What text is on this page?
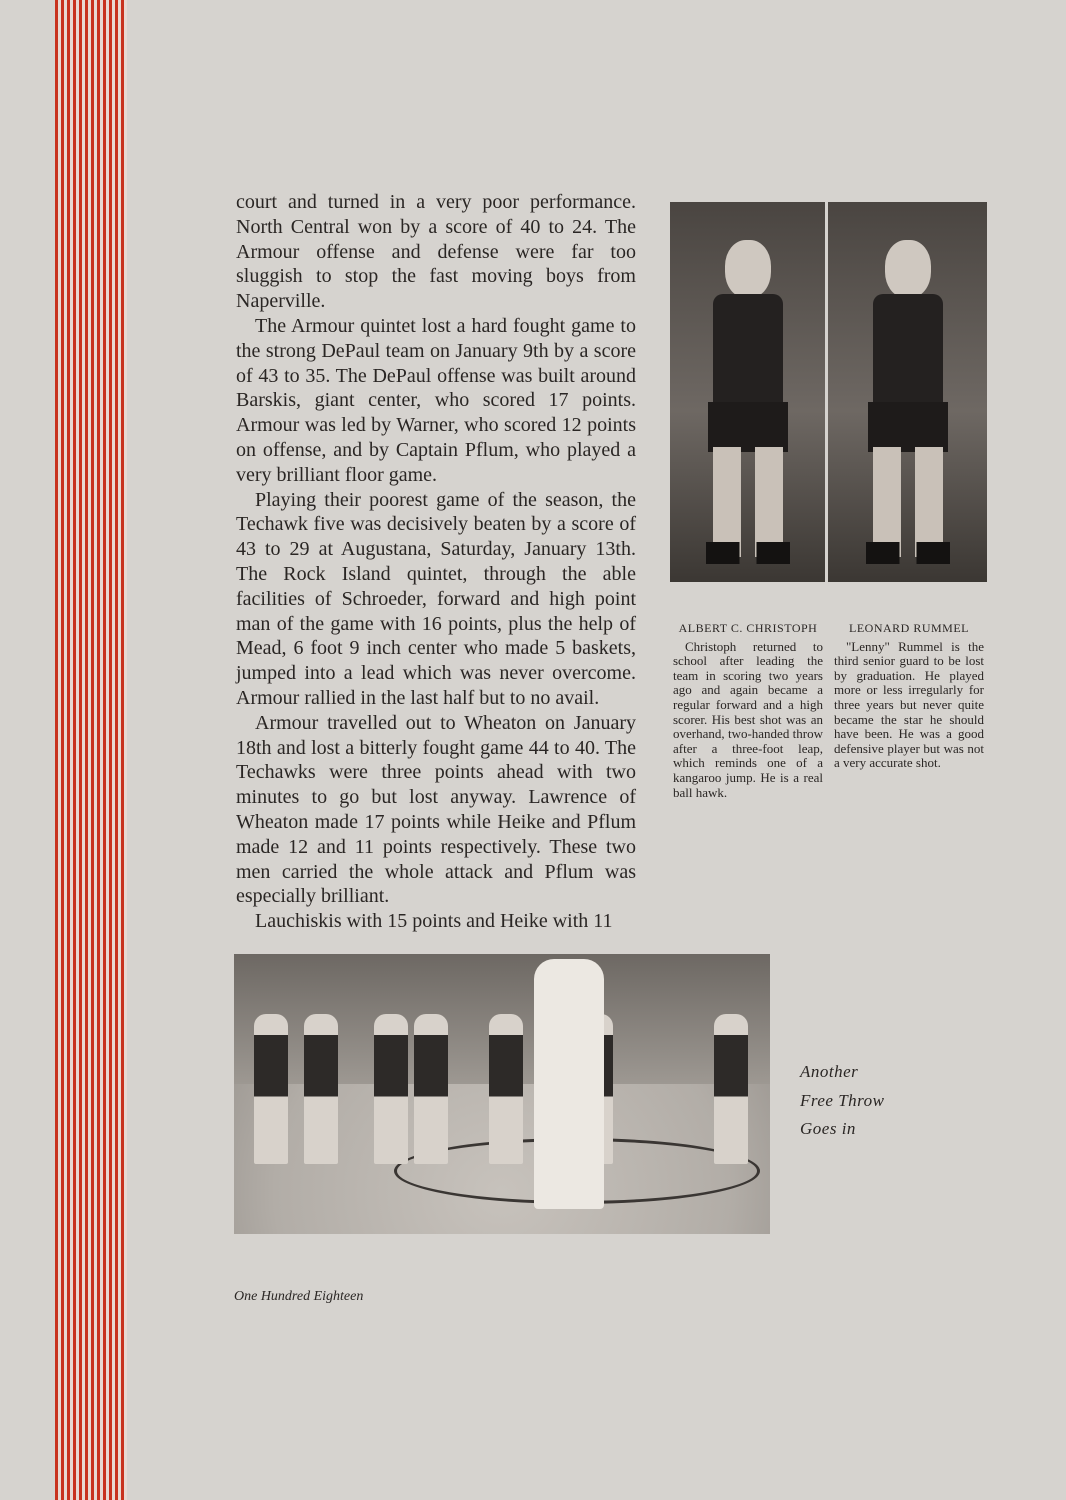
court and turned in a very poor performance. North Central won by a score of 40 to 24. The Armour offense and defense were far too sluggish to stop the fast moving boys from Naperville.

The Armour quintet lost a hard fought game to the strong DePaul team on January 9th by a score of 43 to 35. The DePaul offense was built around Barskis, giant center, who scored 17 points. Armour was led by Warner, who scored 12 points on offense, and by Captain Pflum, who played a very brilliant floor game.

Playing their poorest game of the season, the Techawk five was decisively beaten by a score of 43 to 29 at Augustana, Saturday, January 13th. The Rock Island quintet, through the able facilities of Schroeder, forward and high point man of the game with 16 points, plus the help of Mead, 6 foot 9 inch center who made 5 baskets, jumped into a lead which was never overcome. Armour rallied in the last half but to no avail.

Armour travelled out to Wheaton on January 18th and lost a bitterly fought game 44 to 40. The Techawks were three points ahead with two minutes to go but lost anyway. Lawrence of Wheaton made 17 points while Heike and Pflum made 12 and 11 points respectively. These two men carried the whole attack and Pflum was especially brilliant.

Lauchiskis with 15 points and Heike with 11

ALBERT C. CHRISTOPH
Christoph returned to school after leading the team in scoring two years ago and again became a regular forward and a high scorer. His best shot was an overhand, two-handed throw after a three-foot leap, which reminds one of a kangaroo jump. He is a real ball hawk.
LEONARD RUMMEL
"Lenny" Rummel is the third senior guard to be lost by graduation. He played more or less irregularly for three years but never quite became the star he should have been. He was a good defensive player but was not a very accurate shot.
Another
Free Throw
Goes in
One Hundred Eighteen
